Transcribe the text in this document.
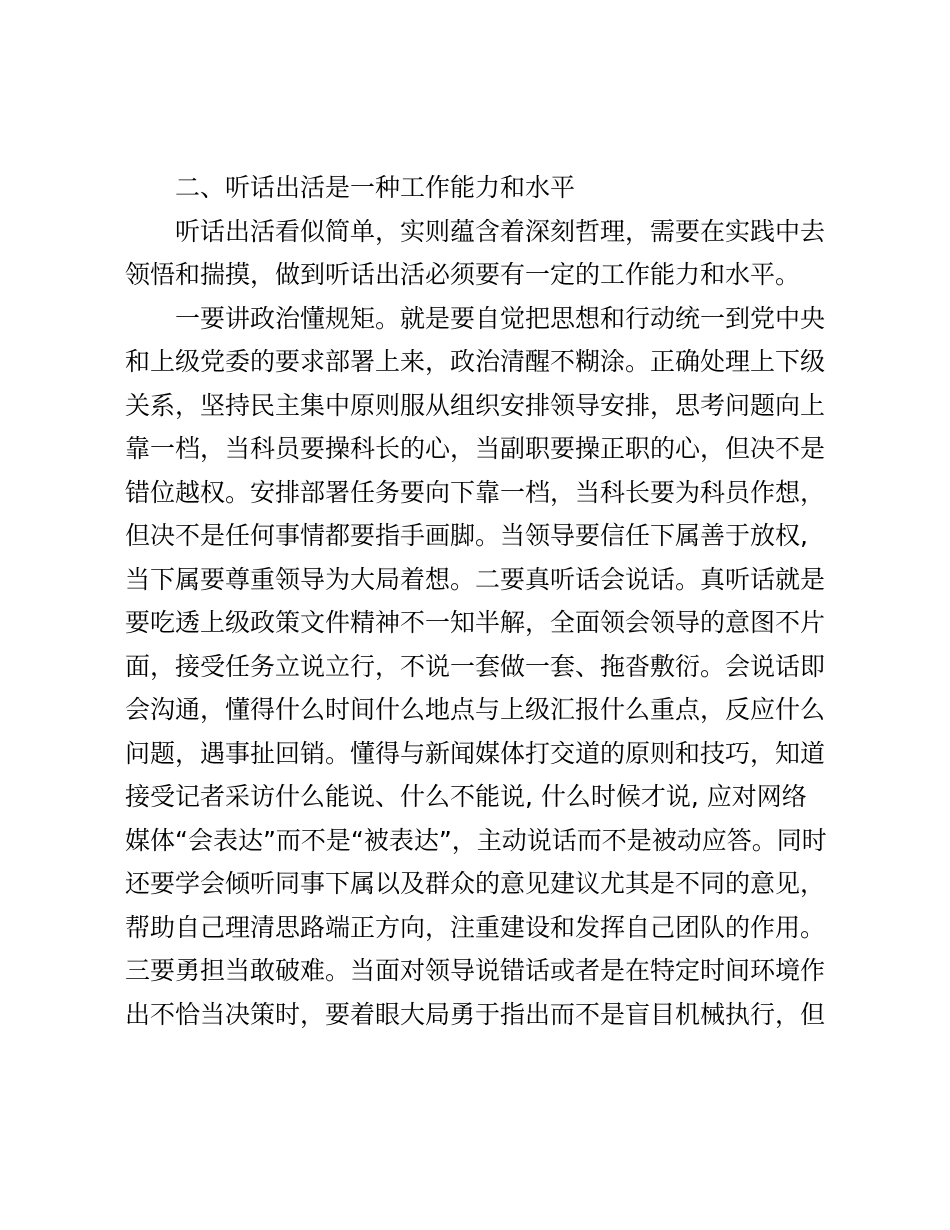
二、听话出活是一种工作能力和水平
听话出活看似简单，实则蕴含着深刻哲理，需要在实践中去
领悟和揣摸，做到听话出活必须要有一定的工作能力和水平。
一要讲政治懂规矩。就是要自觉把思想和行动统一到党中央
和上级党委的要求部署上来，政治清醒不糊涂。正确处理上下级
关系，坚持民主集中原则服从组织安排领导安排，思考问题向上
靠一档，当科员要操科长的心，当副职要操正职的心，但决不是
错位越权。安排部署任务要向下靠一档，当科长要为科员作想，
但决不是任何事情都要指手画脚。当领导要信任下属善于放权,
当下属要尊重领导为大局着想。二要真听话会说话。真听话就是
要吃透上级政策文件精神不一知半解，全面领会领导的意图不片
面，接受任务立说立行，不说一套做一套、拖沓敷衍。会说话即
会沟通，懂得什么时间什么地点与上级汇报什么重点，反应什么
问题，遇事扯回销。懂得与新闻媒体打交道的原则和技巧，知道
接受记者采访什么能说、什么不能说, 什么时候才说, 应对网络
媒体“会表达”而不是“被表达”，主动说话而不是被动应答。同时
还要学会倾听同事下属以及群众的意见建议尤其是不同的意见，
帮助自己理清思路端正方向，注重建设和发挥自己团队的作用。
三要勇担当敢破难。当面对领导说错话或者是在特定时间环境作
出不恰当决策时，要着眼大局勇于指出而不是盲目机械执行，但
